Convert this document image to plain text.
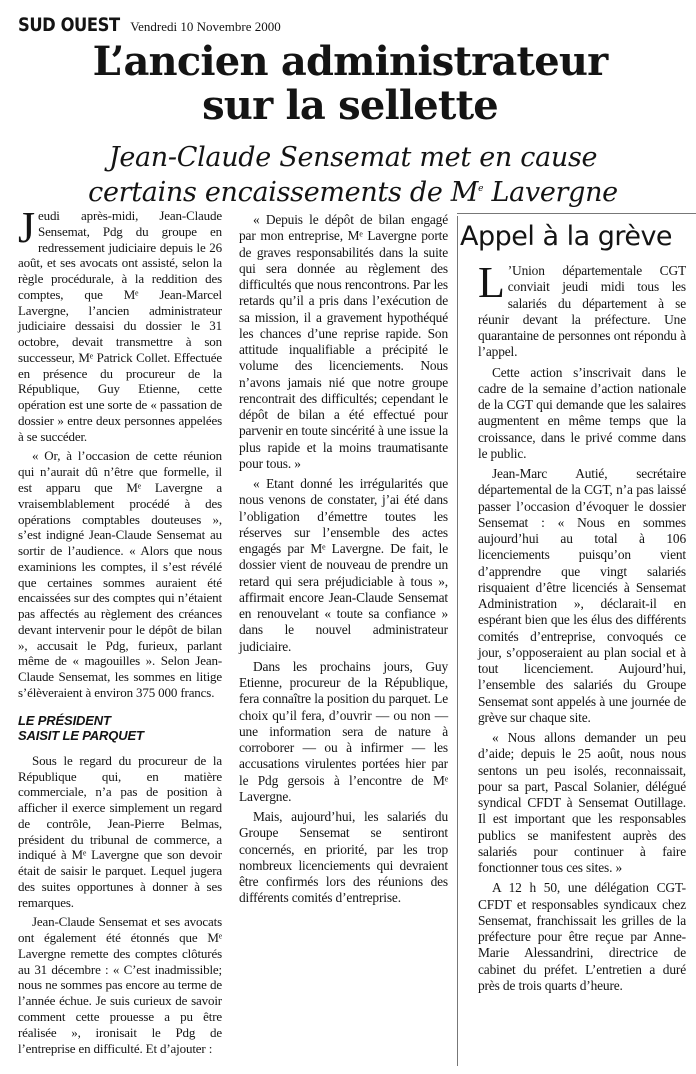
SUD OUEST Vendredi 10 Novembre 2000
L’ancien administrateur
sur la sellette
Jean-Claude Sensemat met en cause
certains encaissements de Me Lavergne

Jeudi après-midi, Jean-Claude Sensemat, Pdg du groupe en redressement judiciaire depuis le 26 août, et ses avocats ont assisté, selon la règle procédurale, à la reddition des comptes, que Mᵉ Jean-Marcel Lavergne, l’ancien administrateur judiciaire dessaisi du dossier le 31 octobre, devait transmettre à son successeur, Mᵉ Patrick Collet. Effectuée en présence du procureur de la République, Guy Etienne, cette opération est une sorte de « passation de dossier » entre deux personnes appelées à se succéder.

« Or, à l’occasion de cette réunion qui n’aurait dû n’être que formelle, il est apparu que Mᵉ Lavergne a vraisemblablement procédé à des opérations comptables douteuses », s’est indigné Jean-Claude Sensemat au sortir de l’audience. « Alors que nous examinions les comptes, il s’est révélé que certaines sommes auraient été encaissées sur des comptes qui n’étaient pas affectés au règlement des créances devant intervenir pour le dépôt de bilan », accusait le Pdg, furieux, parlant même de « magouilles ». Selon Jean-Claude Sensemat, les sommes en litige s’élèveraient à environ 375 000 francs.

LE PRÉSIDENT
SAISIT LE PARQUET

Sous le regard du procureur de la République qui, en matière commerciale, n’a pas de position à afficher il exerce simplement un regard de contrôle, Jean-Pierre Belmas, président du tribunal de commerce, a indiqué à Mᵉ Lavergne que son devoir était de saisir le parquet. Lequel jugera des suites opportunes à donner à ses remarques.

Jean-Claude Sensemat et ses avocats ont également été étonnés que Mᵉ Lavergne remette des comptes clôturés au 31 décembre : « C’est inadmissible; nous ne sommes pas encore au terme de l’année échue. Je suis curieux de savoir comment cette prouesse a pu être réalisée », ironisait le Pdg de l’entreprise en difficulté. Et d’ajouter :

« Depuis le dépôt de bilan engagé par mon entreprise, Mᵉ Lavergne porte de graves responsabilités dans la suite qui sera donnée au règlement des difficultés que nous rencontrons. Par les retards qu’il a pris dans l’exécution de sa mission, il a gravement hypothéqué les chances d’une reprise rapide. Son attitude inqualifiable a précipité le volume des licenciements. Nous n’avons jamais nié que notre groupe rencontrait des difficultés; cependant le dépôt de bilan a été effectué pour parvenir en toute sincérité à une issue la plus rapide et la moins traumatisante pour tous. »

« Etant donné les irrégularités que nous venons de constater, j’ai été dans l’obligation d’émettre toutes les réserves sur l’ensemble des actes engagés par Mᵉ Lavergne. De fait, le dossier vient de nouveau de prendre un retard qui sera préjudiciable à tous », affirmait encore Jean-Claude Sensemat en renouvelant « toute sa confiance » dans le nouvel administrateur judiciaire.

Dans les prochains jours, Guy Etienne, procureur de la République, fera connaître la position du parquet. Le choix qu’il fera, d’ouvrir — ou non — une information sera de nature à corroborer — ou à infirmer — les accusations virulentes portées hier par le Pdg gersois à l’encontre de Mᵉ Lavergne.

Mais, aujourd’hui, les salariés du Groupe Sensemat se sentiront concernés, en priorité, par les trop nombreux licenciements qui devraient être confirmés lors des réunions des différents comités d’entreprise.

Appel à la grève

L ’Union départementale CGT conviait jeudi midi tous les salariés du département à se réunir devant la préfecture. Une quarantaine de personnes ont répondu à l’appel.

Cette action s’inscrivait dans le cadre de la semaine d’action nationale de la CGT qui demande que les salaires augmentent en même temps que la croissance, dans le privé comme dans le public.

Jean-Marc Autié, secrétaire départemental de la CGT, n’a pas laissé passer l’occasion d’évoquer le dossier Sensemat : « Nous en sommes aujourd’hui au total à 106 licenciements puisqu’on vient d’apprendre que vingt salariés risquaient d’être licenciés à Sensemat Administration », déclarait-il en espérant bien que les élus des différents comités d’entreprise, convoqués ce jour, s’opposeraient au plan social et à tout licenciement. Aujourd’hui, l’ensemble des salariés du Groupe Sensemat sont appelés à une journée de grève sur chaque site.

« Nous allons demander un peu d’aide; depuis le 25 août, nous nous sentons un peu isolés, reconnaissait, pour sa part, Pascal Solanier, délégué syndical CFDT à Sensemat Outillage. Il est important que les responsables publics se manifestent auprès des salariés pour continuer à faire fonctionner tous ces sites. »

A 12 h 50, une délégation CGT-CFDT et responsables syndicaux chez Sensemat, franchissait les grilles de la préfecture pour être reçue par Anne-Marie Alessandrini, directrice de cabinet du préfet. L’entretien a duré près de trois quarts d’heure.
